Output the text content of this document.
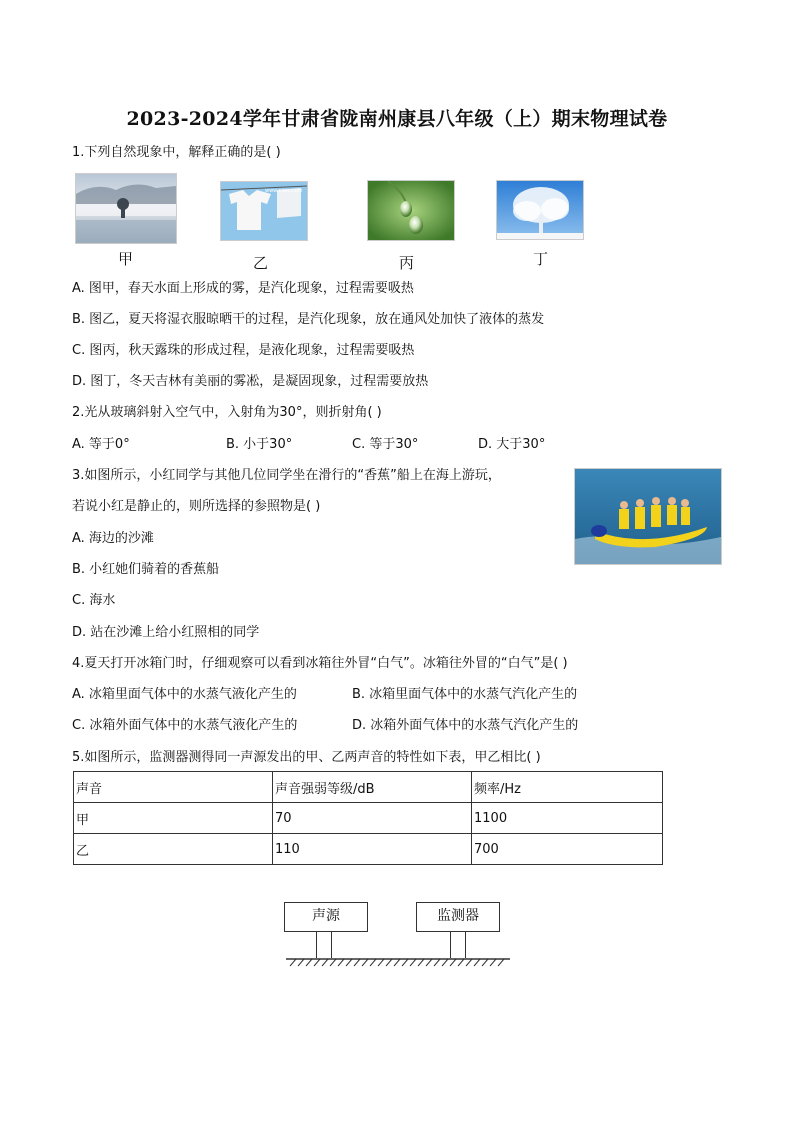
2023-2024学年甘肃省陇南州康县八年级（上）期末物理试卷
1.下列自然现象中，解释正确的是( )
www.nipic.com
甲	乙	丙	丁
A. 图甲，春天水面上形成的雾，是汽化现象，过程需要吸热
B. 图乙，夏天将湿衣服晾晒干的过程，是汽化现象，放在通风处加快了液体的蒸发
C. 图丙，秋天露珠的形成过程，是液化现象，过程需要吸热
D. 图丁，冬天吉林有美丽的雾凇，是凝固现象，过程需要放热
2.光从玻璃斜射入空气中，入射角为30°，则折射角( )
A. 等于0°	B. 小于30°	C. 等于30°	D. 大于30°
3.如图所示，小红同学与其他几位同学坐在滑行的“香蕉”船上在海上游玩，
若说小红是静止的，则所选择的参照物是( )
A. 海边的沙滩
B. 小红她们骑着的香蕉船
C. 海水
D. 站在沙滩上给小红照相的同学
4.夏天打开冰箱门时，仔细观察可以看到冰箱往外冒“白气”。冰箱往外冒的“白气”是( )
A. 冰箱里面气体中的水蒸气液化产生的	B. 冰箱里面气体中的水蒸气汽化产生的
C. 冰箱外面气体中的水蒸气液化产生的	D. 冰箱外面气体中的水蒸气汽化产生的
5.如图所示，监测器测得同一声源发出的甲、乙两声音的特性如下表，甲乙相比( )
声音	声音强弱等级/dB	频率/Hz
甲	70	1100
乙	110	700
声源	监测器
